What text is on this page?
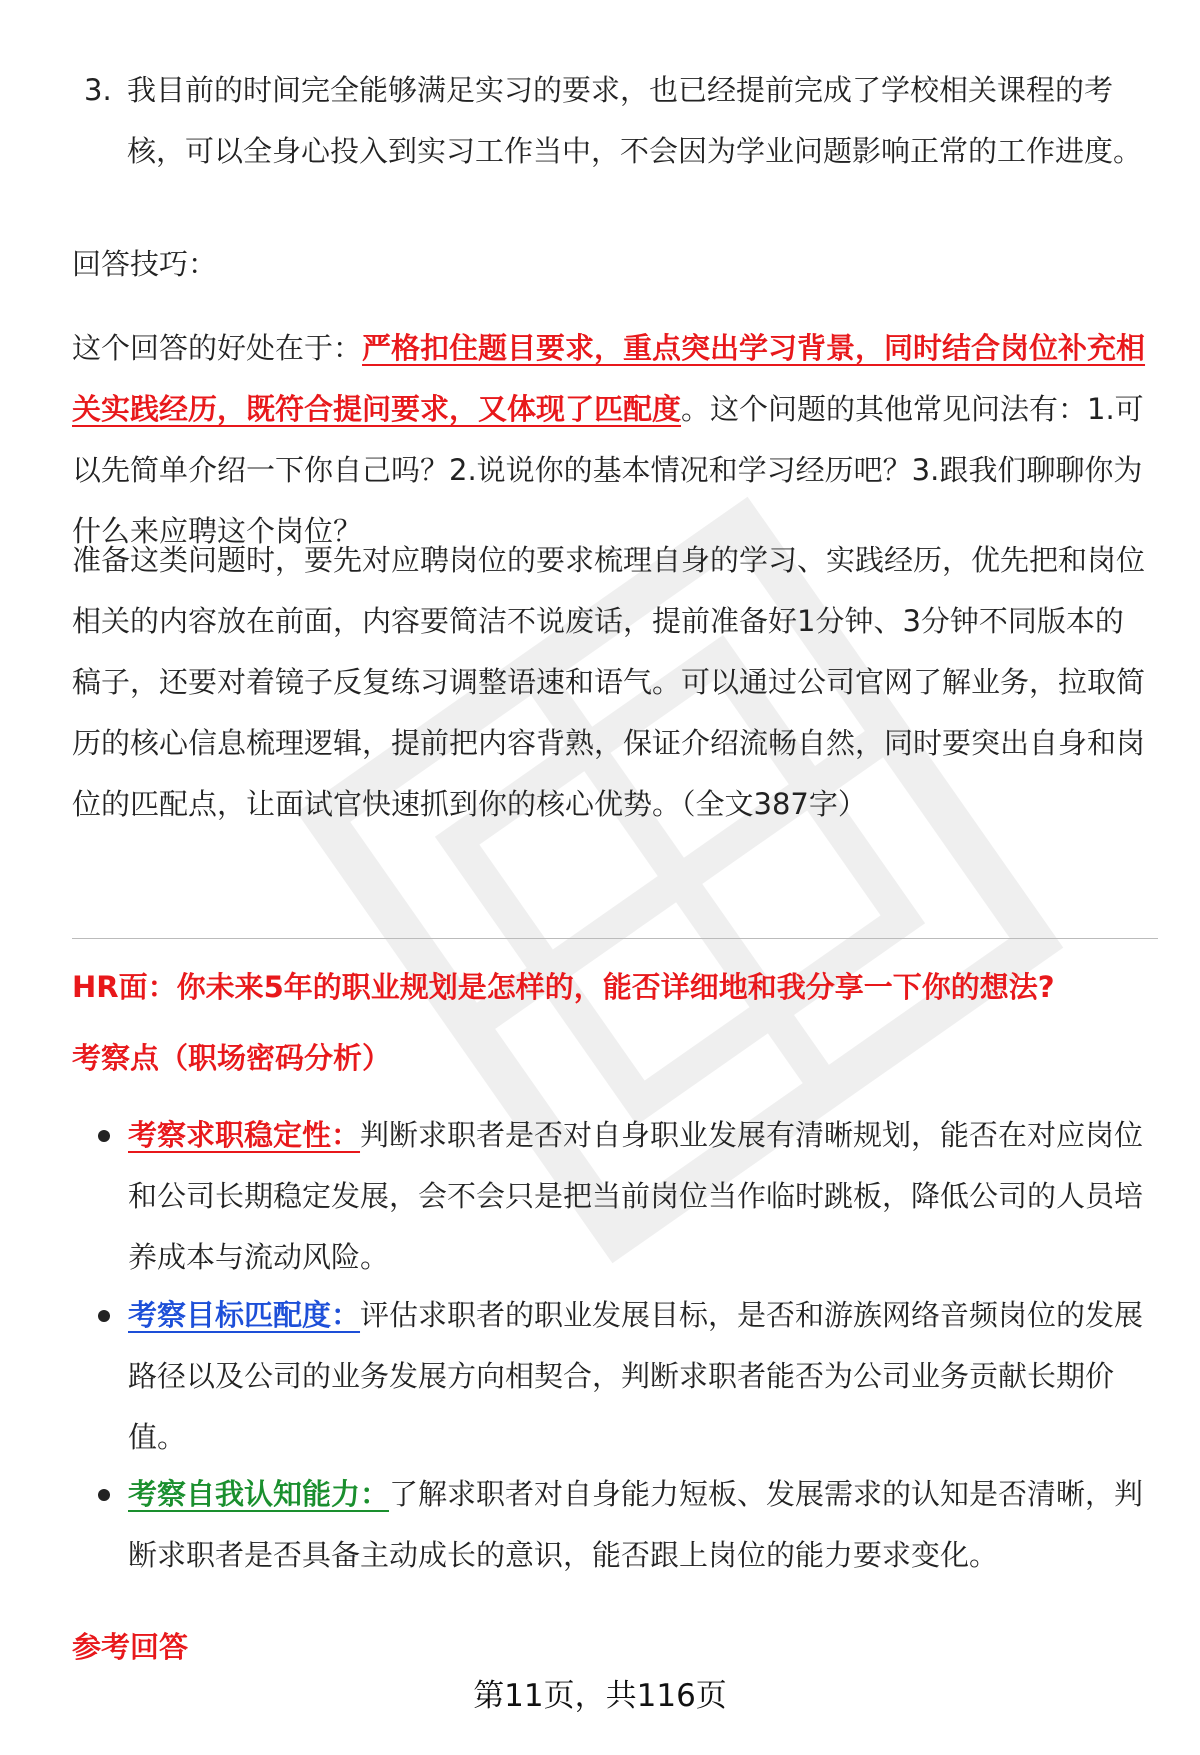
3. 我目前的时间完全能够满足实习的要求，也已经提前完成了学校相关课程的考核，可以全身心投入到实习工作当中，不会因为学业问题影响正常的工作进度。
回答技巧：
这个回答的好处在于：严格扣住题目要求，重点突出学习背景，同时结合岗位补充相关实践经历，既符合提问要求，又体现了匹配度。这个问题的其他常见问法有：1.可以先简单介绍一下你自己吗？2.说说你的基本情况和学习经历吧？3.跟我们聊聊你为什么来应聘这个岗位？
准备这类问题时，要先对应聘岗位的要求梳理自身的学习、实践经历，优先把和岗位相关的内容放在前面，内容要简洁不说废话，提前准备好1分钟、3分钟不同版本的稿子，还要对着镜子反复练习调整语速和语气。可以通过公司官网了解业务，拉取简历的核心信息梳理逻辑，提前把内容背熟，保证介绍流畅自然，同时要突出自身和岗位的匹配点，让面试官快速抓到你的核心优势。（全文387字）
HR面：你未来5年的职业规划是怎样的，能否详细地和我分享一下你的想法?
考察点（职场密码分析）
考察求职稳定性：判断求职者是否对自身职业发展有清晰规划，能否在对应岗位和公司长期稳定发展，会不会只是把当前岗位当作临时跳板，降低公司的人员培养成本与流动风险。
考察目标匹配度：评估求职者的职业发展目标，是否和游族网络音频岗位的发展路径以及公司的业务发展方向相契合，判断求职者能否为公司业务贡献长期价值。
考察自我认知能力：了解求职者对自身能力短板、发展需求的认知是否清晰，判断求职者是否具备主动成长的意识，能否跟上岗位的能力要求变化。
参考回答
第11页，共116页
